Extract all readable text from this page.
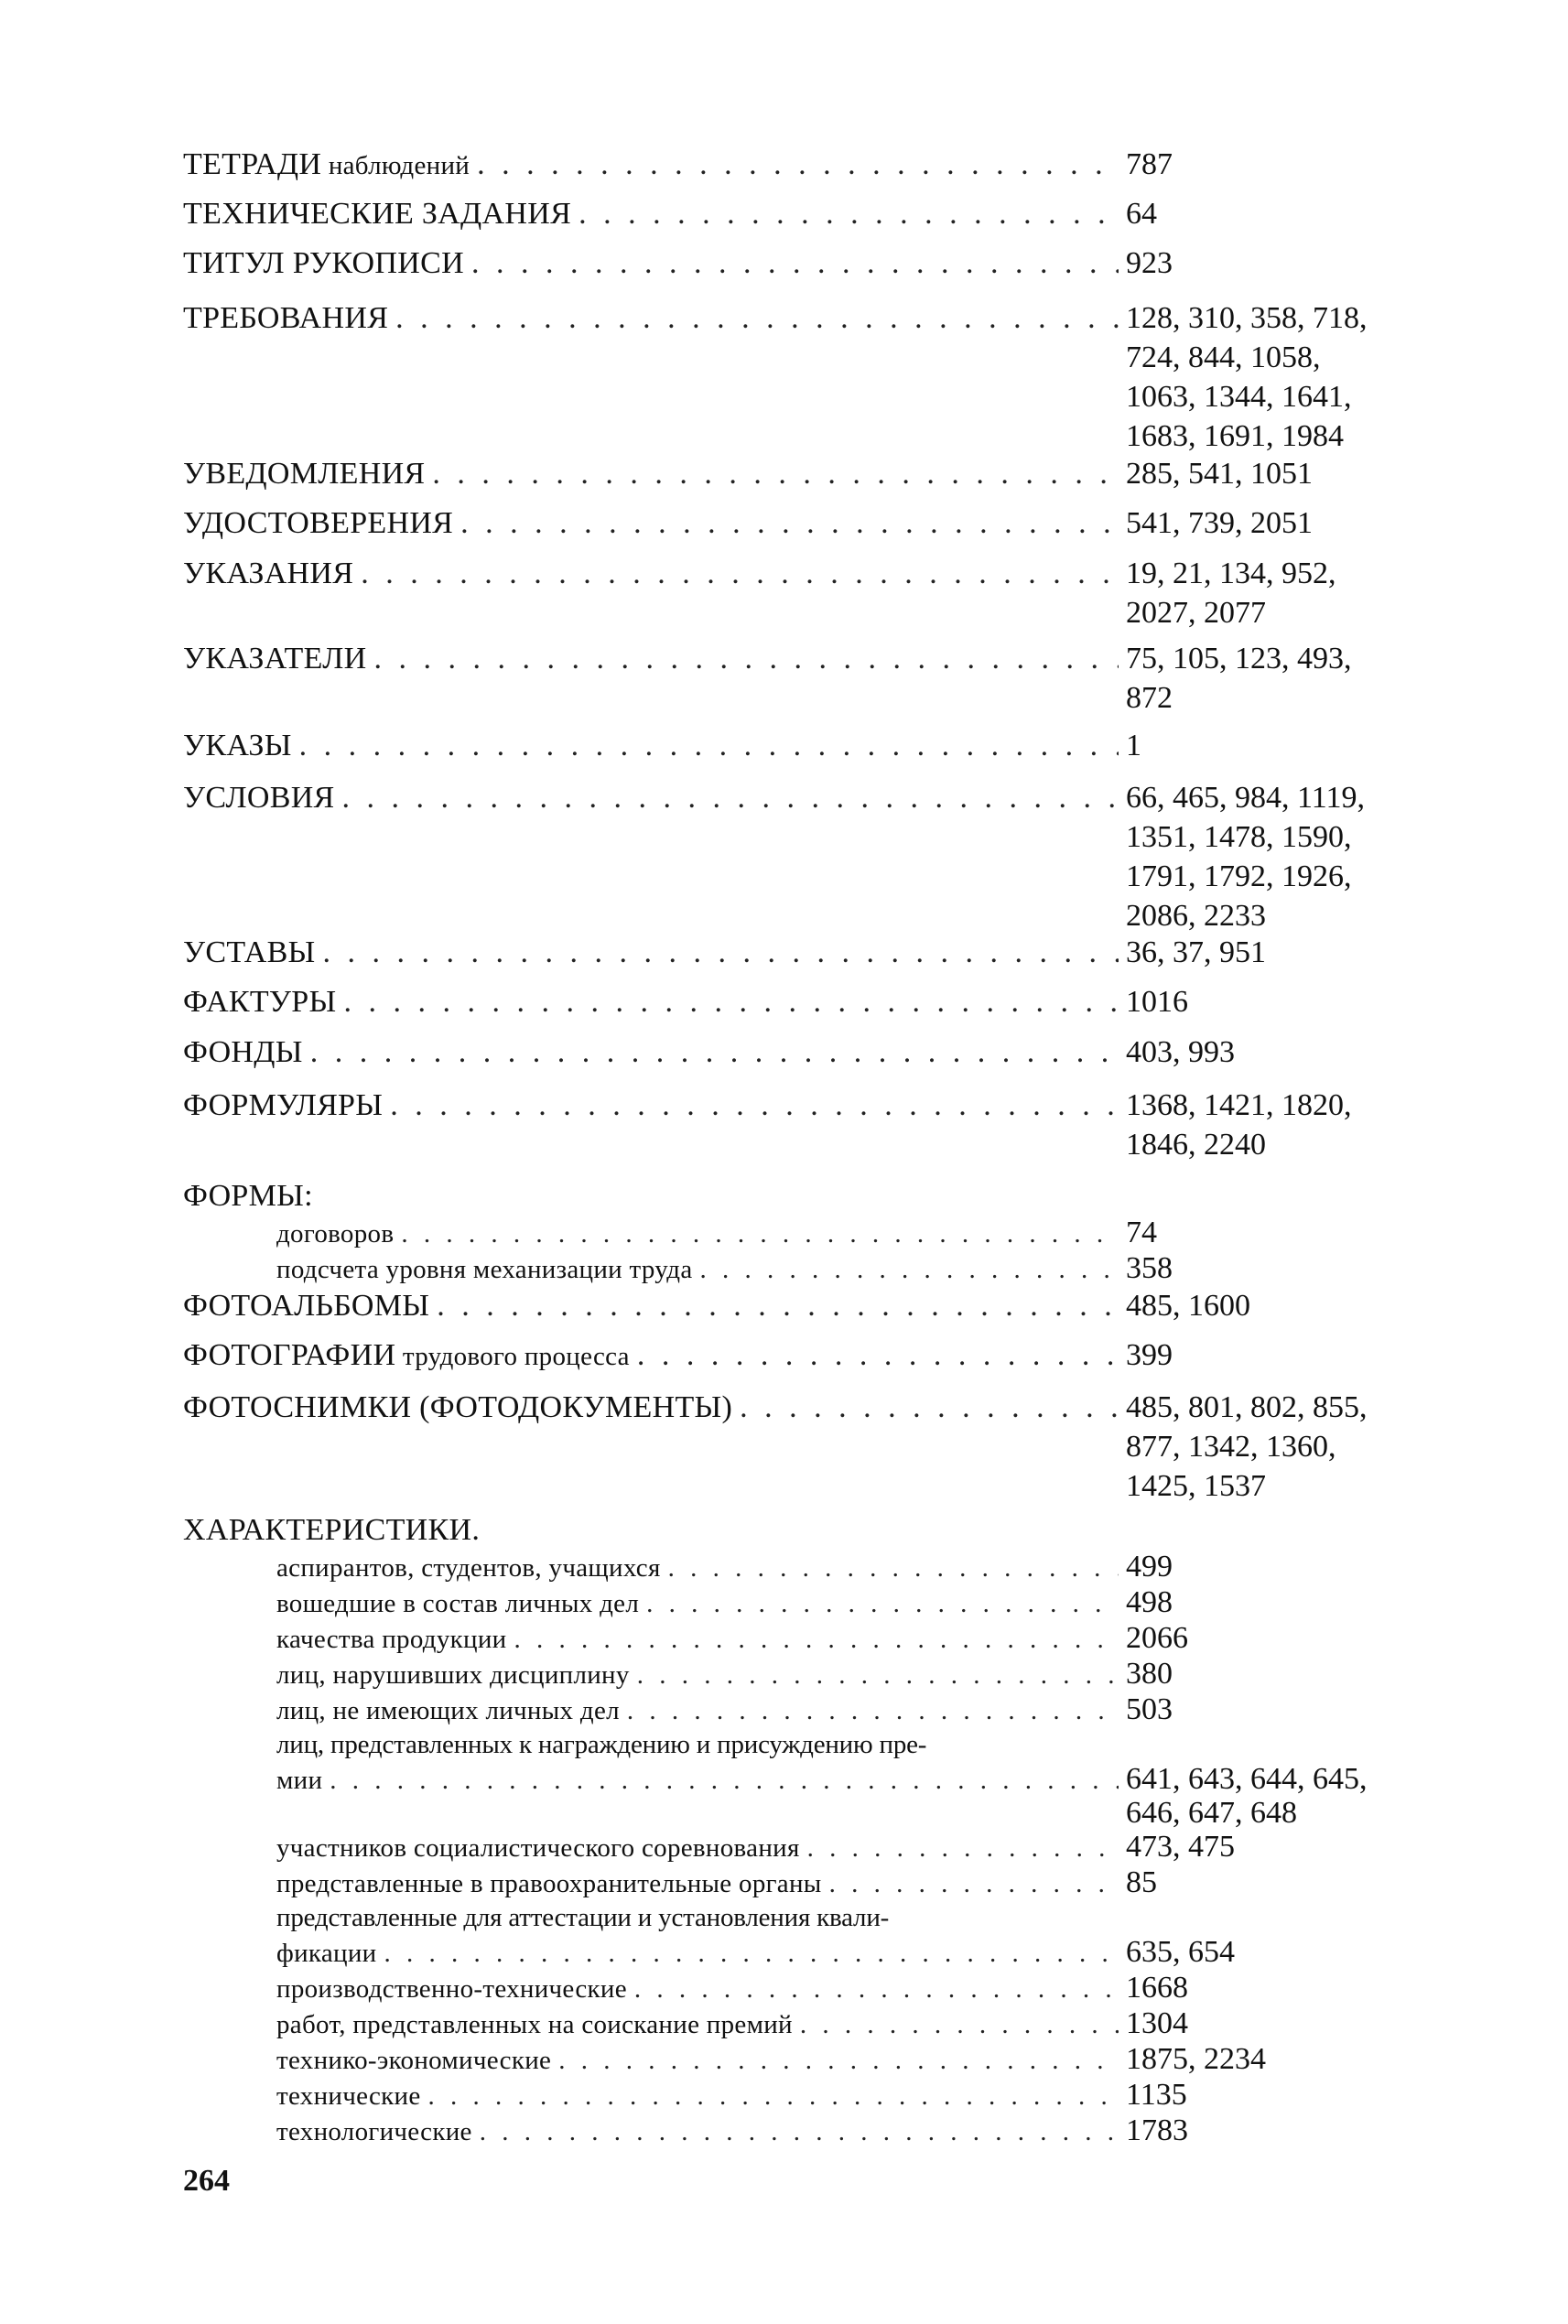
ТЕТРАДИ наблюдений . . .	787
ТЕХНИЧЕСКИЕ ЗАДАНИЯ . . .	64
ТИТУЛ РУКОПИСИ . . .	923
ТРЕБОВАНИЯ . . .	128, 310, 358, 718,
724, 844, 1058,
1063, 1344, 1641,
1683, 1691, 1984
УВЕДОМЛЕНИЯ . . .	285, 541, 1051
УДОСТОВЕРЕНИЯ . . .	541, 739, 2051
УКАЗАНИЯ . . .	19, 21, 134, 952,
2027, 2077
УКАЗАТЕЛИ . . .	75, 105, 123, 493,
872
УКАЗЫ . . .	1
УСЛОВИЯ . . .	66, 465, 984, 1119,
1351, 1478, 1590,
1791, 1792, 1926,
2086, 2233
УСТАВЫ . . .	36, 37, 951
ФАКТУРЫ . . .	1016
ФОНДЫ . . .	403, 993
ФОРМУЛЯРЫ . . .	1368, 1421, 1820,
1846, 2240
ФОРМЫ:
договоров . . .	74
подсчета уровня механизации труда . . .	358
ФОТОАЛЬБОМЫ . . .	485, 1600
ФОТОГРАФИИ трудового процесса . . .	399
ФОТОСНИМКИ (ФОТОДОКУМЕНТЫ) . . .	485, 801, 802, 855,
877, 1342, 1360,
1425, 1537
ХАРАКТЕРИСТИКИ.
аспирантов, студентов, учащихся . . .	499
вошедшие в состав личных дел . . .	498
качества продукции . . .	2066
лиц, нарушивших дисциплину . . .	380
лиц, не имеющих личных дел . . .	503
лиц, представленных к награждению и присуждению пре-
мии . . .	641, 643, 644, 645,
646, 647, 648
участников социалистического соревнования . . .	473, 475
представленные в правоохранительные органы . . .	85
представленные для аттестации и установления квали-
фикации . . .	635, 654
производственно-технические . . .	1668
работ, представленных на соискание премий . . .	1304
технико-экономические . . .	1875, 2234
технические . . .	1135
технологические . . .	1783
264
